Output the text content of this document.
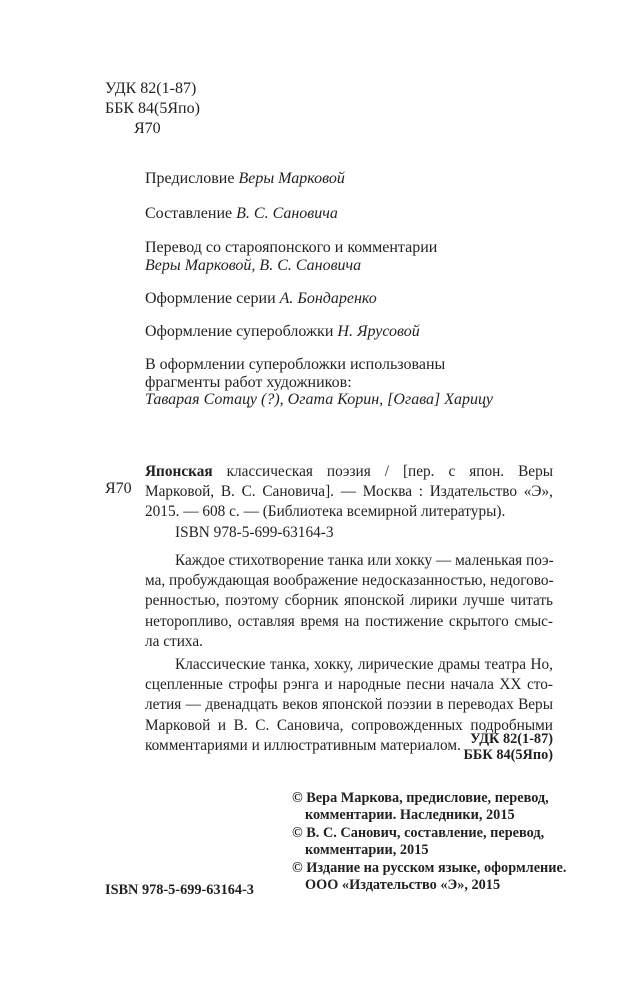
УДК 82(1-87)
ББК 84(5Япо)
Я70
Предисловие Веры Марковой
Составление В. С. Сановича
Перевод со старояпонского и комментарии
Веры Марковой, В. С. Сановича
Оформление серии А. Бондаренко
Оформление суперобложки Н. Ярусовой
В оформлении суперобложки использованы
фрагменты работ художников:
Таварая Сотацу (?), Огата Корин, [Огава] Харицу
Я70
Японская классическая поэзия / [пер. с япон. Веры
Марковой, В. С. Сановича]. — Москва : Издательство «Э»,
2015. — 608 с. — (Библиотека всемирной литературы).
ISBN 978-5-699-63164-3
Каждое стихотворение танка или хокку — маленькая поэ-
ма, пробуждающая воображение недосказанностью, недогово-
ренностью, поэтому сборник японской лирики лучше читать
неторопливо, оставляя время на постижение скрытого смыс-
ла стиха.
Классические танка, хокку, лирические драмы театра Но,
сцепленные строфы рэнга и народные песни начала XX сто-
летия — двенадцать веков японской поэзии в переводах Веры
Марковой и В. С. Сановича, сопровожденных подробными
комментариями и иллюстративным материалом. УДК 82(1-87)
ББК 84(5Япо)
ISBN 978-5-699-63164-3
© Вера Маркова, предисловие, перевод,
комментарии. Наследники, 2015
© В. С. Санович, составление, перевод,
комментарии, 2015
© Издание на русском языке, оформление.
ООО «Издательство «Э», 2015
